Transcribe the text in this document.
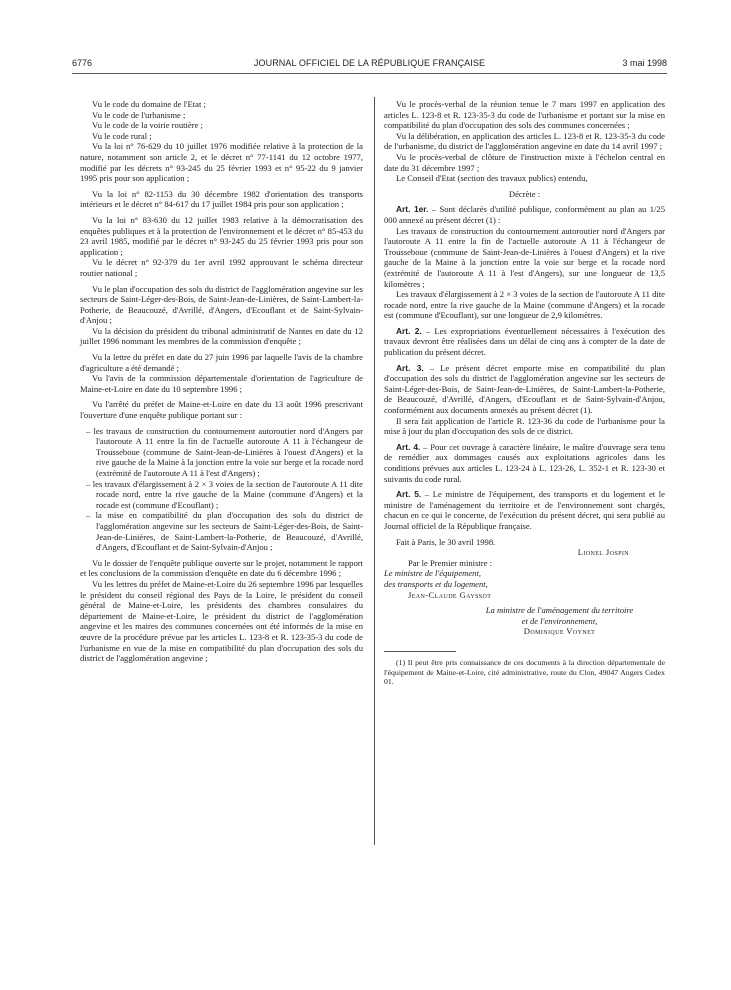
6776	JOURNAL OFFICIEL DE LA RÉPUBLIQUE FRANÇAISE	3 mai 1998

Vu le code du domaine de l'Etat ;

Vu le code de l'urbanisme ;

Vu le code de la voirie routière ;

Vu le code rural ;

Vu la loi n° 76-629 du 10 juillet 1976 modifiée relative à la protection de la nature, notamment son article 2, et le décret n° 77-1141 du 12 octobre 1977, modifié par les décrets n° 93-245 du 25 février 1993 et n° 95-22 du 9 janvier 1995 pris pour son application ;

Vu la loi n° 82-1153 du 30 décembre 1982 d'orientation des transports intérieurs et le décret n° 84-617 du 17 juillet 1984 pris pour son application ;

Vu la loi n° 83-630 du 12 juillet 1983 relative à la démocratisation des enquêtes publiques et à la protection de l'environnement et le décret n° 85-453 du 23 avril 1985, modifié par le décret n° 93-245 du 25 février 1993 pris pour son application ;

Vu le décret n° 92-379 du 1er avril 1992 approuvant le schéma directeur routier national ;

Vu le plan d'occupation des sols du district de l'agglomération angevine sur les secteurs de Saint-Léger-des-Bois, de Saint-Jean-de-Linières, de Saint-Lambert-la-Potherie, de Beaucouzé, d'Avrillé, d'Angers, d'Ecouflant et de Saint-Sylvain-d'Anjou ;

Vu la décision du président du tribunal administratif de Nantes en date du 12 juillet 1996 nommant les membres de la commission d'enquête ;

Vu la lettre du préfet en date du 27 juin 1996 par laquelle l'avis de la chambre d'agriculture a été demandé ;

Vu l'avis de la commission départementale d'orientation de l'agriculture de Maine-et-Loire en date du 10 septembre 1996 ;

Vu l'arrêté du préfet de Maine-et-Loire en date du 13 août 1996 prescrivant l'ouverture d'une enquête publique portant sur :

– les travaux de construction du contournement autoroutier nord d'Angers par l'autoroute A 11 entre la fin de l'actuelle autoroute A 11 à l'échangeur de Trousseboue (commune de Saint-Jean-de-Linières à l'ouest d'Angers) et la rive gauche de la Maine à la jonction entre la voie sur berge et la rocade nord (extrémité de l'autoroute A 11 à l'est d'Angers) ;

– les travaux d'élargissement à 2 × 3 voies de la section de l'autoroute A 11 dite rocade nord, entre la rive gauche de la Maine (commune d'Angers) et la rocade est (commune d'Ecouflant) ;

– la mise en compatibilité du plan d'occupation des sols du district de l'agglomération angevine sur les secteurs de Saint-Léger-des-Bois, de Saint-Jean-de-Linières, de Saint-Lambert-la-Potherie, de Beaucouzé, d'Avrillé, d'Angers, d'Ecouflant et de Saint-Sylvain-d'Anjou ;

Vu le dossier de l'enquête publique ouverte sur le projet, notamment le rapport et les conclusions de la commission d'enquête en date du 6 décembre 1996 ;

Vu les lettres du préfet de Maine-et-Loire du 26 septembre 1996 par lesquelles le président du conseil régional des Pays de la Loire, le président du conseil général de Maine-et-Loire, les présidents des chambres consulaires du département de Maine-et-Loire, le président du district de l'agglomération angevine et les maires des communes concernées ont été informés de la mise en œuvre de la procédure prévue par les articles L. 123-8 et R. 123-35-3 du code de l'urbanisme en vue de la mise en compatibilité du plan d'occupation des sols du district de l'agglomération angevine ;

Vu le procès-verbal de la réunion tenue le 7 mars 1997 en application des articles L. 123-8 et R. 123-35-3 du code de l'urbanisme et portant sur la mise en compatibilité du plan d'occupation des sols des communes concernées ;

Vu la délibération, en application des articles L. 123-8 et R. 123-35-3 du code de l'urbanisme, du district de l'agglomération angevine en date du 14 avril 1997 ;

Vu le procès-verbal de clôture de l'instruction mixte à l'échelon central en date du 31 décembre 1997 ;

Le Conseil d'Etat (section des travaux publics) entendu,

Décrète :

Art. 1er. – Sont déclarés d'utilité publique, conformément au plan au 1/25 000 annexé au présent décret (1) :

Les travaux de construction du contournement autoroutier nord d'Angers par l'autoroute A 11 entre la fin de l'actuelle autoroute A 11 à l'échangeur de Trousseboue (commune de Saint-Jean-de-Linières à l'ouest d'Angers) et la rive gauche de la Maine à la jonction entre la voie sur berge et la rocade nord (extrémité de l'autoroute A 11 à l'est d'Angers), sur une longueur de 13,5 kilomètres ;

Les travaux d'élargissement à 2 × 3 voies de la section de l'autoroute A 11 dite rocade nord, entre la rive gauche de la Maine (commune d'Angers) et la rocade est (commune d'Ecouflant), sur une longueur de 2,9 kilomètres.

Art. 2. – Les expropriations éventuellement nécessaires à l'exécution des travaux devront être réalisées dans un délai de cinq ans à compter de la date de publication du présent décret.

Art. 3. – Le présent décret emporte mise en compatibilité du plan d'occupation des sols du district de l'agglomération angevine sur les secteurs de Saint-Léger-des-Bois, de Saint-Jean-de-Linières, de Saint-Lambert-la-Potherie, de Beaucouzé, d'Avrillé, d'Angers, d'Ecouflant et de Saint-Sylvain-d'Anjou, conformément aux documents annexés au présent décret (1).

Il sera fait application de l'article R. 123-36 du code de l'urbanisme pour la mise à jour du plan d'occupation des sols de ce district.

Art. 4. – Pour cet ouvrage à caractère linéaire, le maître d'ouvrage sera tenu de remédier aux dommages causés aux exploitations agricoles dans les conditions prévues aux articles L. 123-24 à L. 123-26, L. 352-1 et R. 123-30 et suivants du code rural.

Art. 5. – Le ministre de l'équipement, des transports et du logement et le ministre de l'aménagement du territoire et de l'environnement sont chargés, chacun en ce qui le concerne, de l'exécution du présent décret, qui sera publié au Journal officiel de la République française.

Fait à Paris, le 30 avril 1998.

Lionel Jospin

Par le Premier ministre :

Le ministre de l'équipement,

des transports et du logement,

Jean-Claude Gayssot

La ministre de l'aménagement du territoire

et de l'environnement,

Dominique Voynet

(1) Il peut être pris connaissance de ces documents à la direction départementale de l'équipement de Maine-et-Loire, cité administrative, route du Clon, 49047 Angers Cedex 01.
